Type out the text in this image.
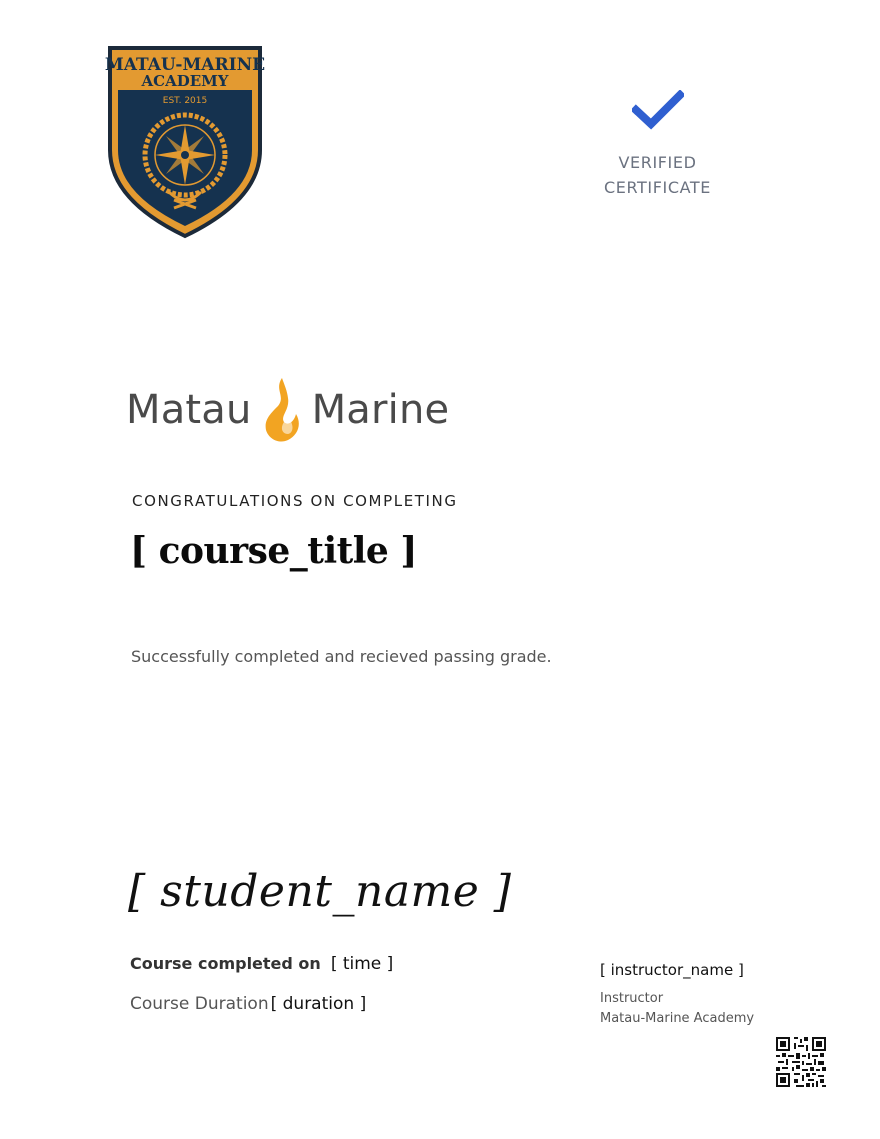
MATAU-MARINE
ACADEMY
EST. 2015
VERIFIED
CERTIFICATE
Matau Marine
CONGRATULATIONS ON COMPLETING
[ course_title ]
Successfully completed and recieved passing grade.
[ student_name ]
Course completed on [ time ]
Course Duration [ duration ]
[ instructor_name ]
Instructor
Matau-Marine Academy
